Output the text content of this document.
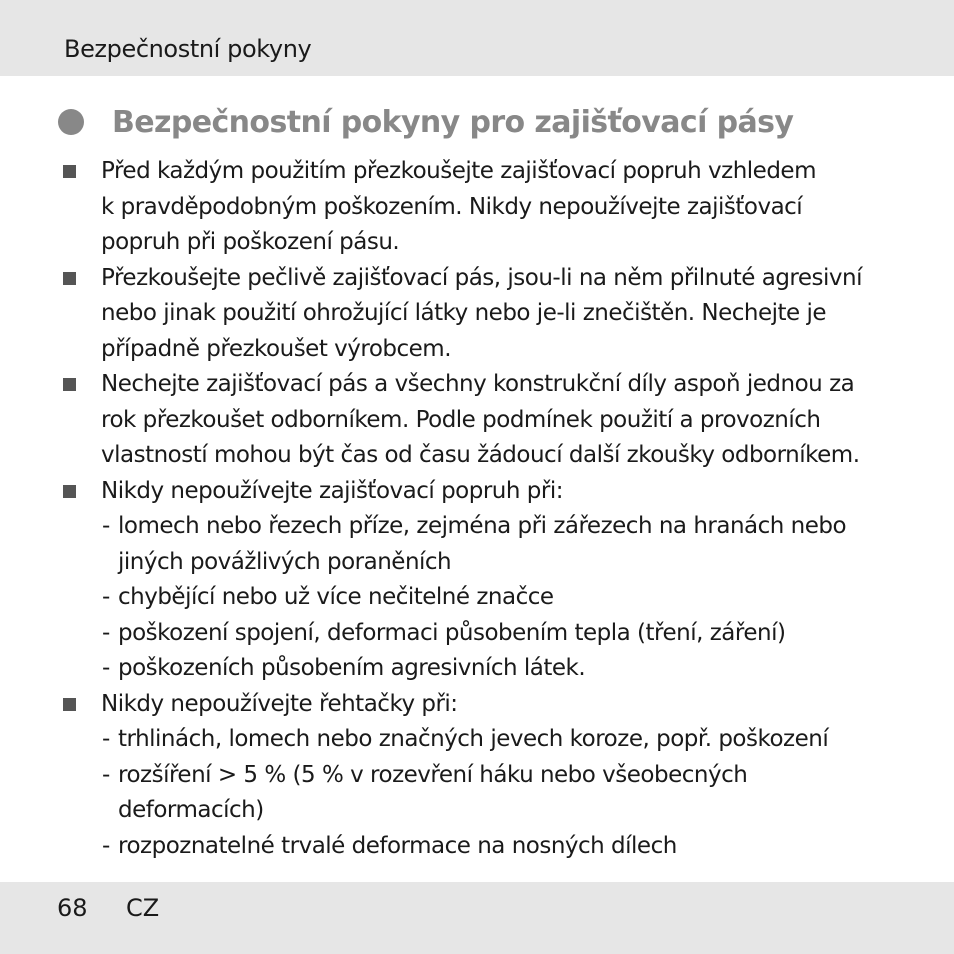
Bezpečnostní pokyny
Bezpečnostní pokyny pro zajišťovací pásy
Před každým použitím přezkoušejte zajišťovací popruh vzhledem
k pravděpodobným poškozením. Nikdy nepoužívejte zajišťovací
popruh při poškození pásu.
Přezkoušejte pečlivě zajišťovací pás, jsou-li na něm přilnuté agresivní
nebo jinak použití ohrožující látky nebo je-li znečištěn. Nechejte je
případně přezkoušet výrobcem.
Nechejte zajišťovací pás a všechny konstrukční díly aspoň jednou za
rok přezkoušet odborníkem. Podle podmínek použití a provozních
vlastností mohou být čas od času žádoucí další zkoušky odborníkem.
Nikdy nepoužívejte zajišťovací popruh při:
- lomech nebo řezech příze, zejména při zářezech na hranách nebo
jiných povážlivých poraněních
- chybějící nebo už více nečitelné značce
- poškození spojení, deformaci působením tepla (tření, záření)
- poškozeních působením agresivních látek.
Nikdy nepoužívejte řehtačky při:
- trhlinách, lomech nebo značných jevech koroze, popř. poškození
- rozšíření > 5 % (5 % v rozevření háku nebo všeobecných
deformacích)
- rozpoznatelné trvalé deformace na nosných dílech
68 CZ
